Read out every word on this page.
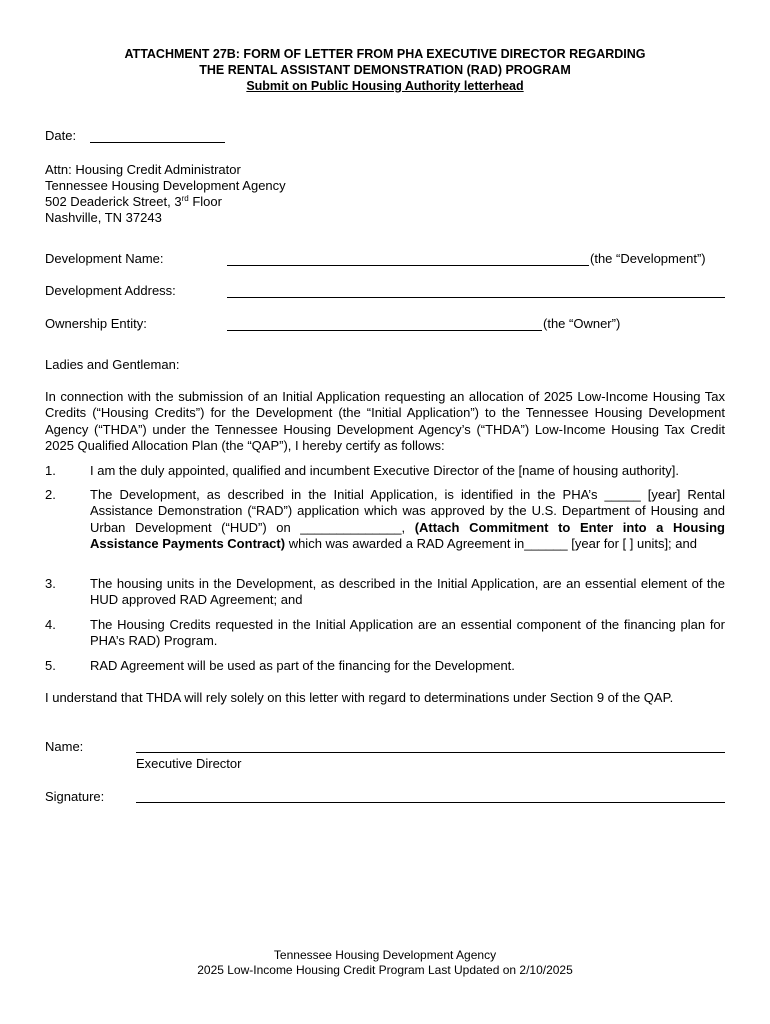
ATTACHMENT 27B: FORM OF LETTER FROM PHA EXECUTIVE DIRECTOR REGARDING
THE RENTAL ASSISTANT DEMONSTRATION (RAD) PROGRAM
Submit on Public Housing Authority letterhead
Date:
Attn: Housing Credit Administrator
Tennessee Housing Development Agency
502 Deaderick Street, 3rd Floor
Nashville, TN 37243
Development Name:	(the “Development”)
Development Address:
Ownership Entity:	(the “Owner”)
Ladies and Gentleman:
In connection with the submission of an Initial Application requesting an allocation of 2025 Low-Income Housing Tax Credits (“Housing Credits”) for the Development (the “Initial Application”) to the Tennessee Housing Development Agency (“THDA”) under the Tennessee Housing Development Agency’s (“THDA”) Low-Income Housing Tax Credit 2025 Qualified Allocation Plan (the “QAP”), I hereby certify as follows:
1.	I am the duly appointed, qualified and incumbent Executive Director of the [name of housing authority].
2.	The Development, as described in the Initial Application, is identified in the PHA’s _____ [year] Rental Assistance Demonstration (“RAD”) application which was approved by the U.S. Department of Housing and Urban Development (“HUD”) on ______________, (Attach Commitment to Enter into a Housing Assistance Payments Contract) which was awarded a RAD Agreement in______ [year for [ ] units]; and
3.	The housing units in the Development, as described in the Initial Application, are an essential element of the HUD approved RAD Agreement; and
4.	The Housing Credits requested in the Initial Application are an essential component of the financing plan for PHA’s RAD) Program.
5.	RAD Agreement will be used as part of the financing for the Development.
I understand that THDA will rely solely on this letter with regard to determinations under Section 9 of the QAP.
Name:
Executive Director
Signature:
Tennessee Housing Development Agency
2025 Low-Income Housing Credit Program Last Updated on 2/10/2025
